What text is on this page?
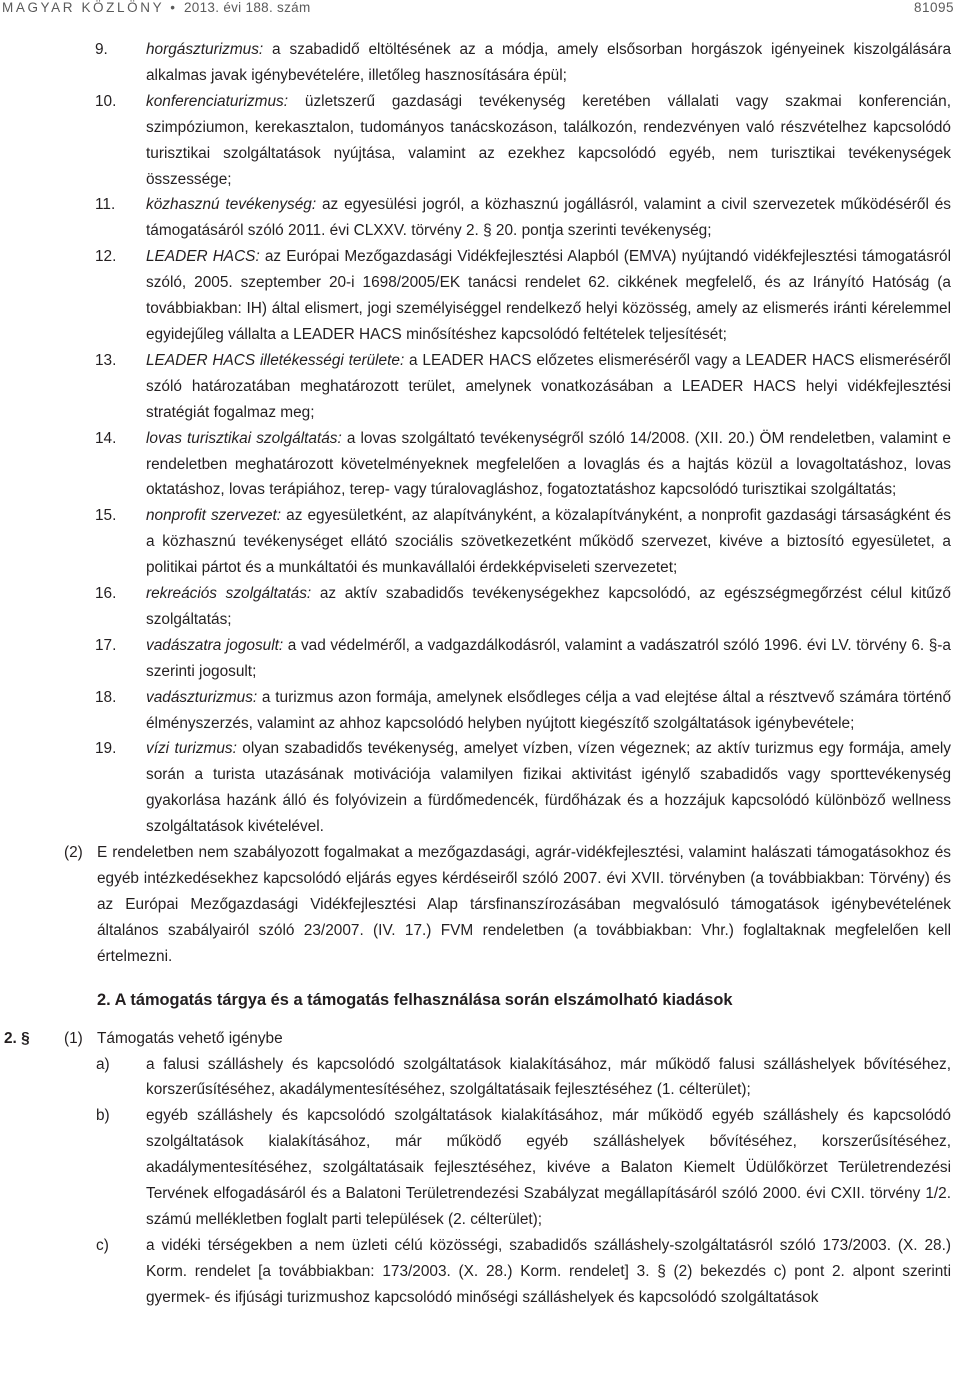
MAGYAR KÖZLÖNY • 2013. évi 188. szám	81095
9. horgászturizmus: a szabadidő eltöltésének az a módja, amely elsősorban horgászok igényeinek kiszolgálására alkalmas javak igénybevételére, illetőleg hasznosítására épül;
10. konferenciaturizmus: üzletszerű gazdasági tevékenység keretében vállalati vagy szakmai konferencián, szimpóziumon, kerekasztalon, tudományos tanácskozáson, találkozón, rendezvényen való részvételhez kapcsolódó turisztikai szolgáltatások nyújtása, valamint az ezekhez kapcsolódó egyéb, nem turisztikai tevékenységek összessége;
11. közhasznú tevékenység: az egyesülési jogról, a közhasznú jogállásról, valamint a civil szervezetek működéséről és támogatásáról szóló 2011. évi CLXXV. törvény 2. § 20. pontja szerinti tevékenység;
12. LEADER HACS: az Európai Mezőgazdasági Vidékfejlesztési Alapból (EMVA) nyújtandó vidékfejlesztési támogatásról szóló, 2005. szeptember 20-i 1698/2005/EK tanácsi rendelet 62. cikkének megfelelő, és az Irányító Hatóság (a továbbiakban: IH) által elismert, jogi személyiséggel rendelkező helyi közösség, amely az elismerés iránti kérelemmel egyidejűleg vállalta a LEADER HACS minősítéshez kapcsolódó feltételek teljesítését;
13. LEADER HACS illetékességi területe: a LEADER HACS előzetes elismeréséről vagy a LEADER HACS elismeréséről szóló határozatában meghatározott terület, amelynek vonatkozásában a LEADER HACS helyi vidékfejlesztési stratégiát fogalmaz meg;
14. lovas turisztikai szolgáltatás: a lovas szolgáltató tevékenységről szóló 14/2008. (XII. 20.) ÖM rendeletben, valamint e rendeletben meghatározott követelményeknek megfelelően a lovaglás és a hajtás közül a lovagoltatáshoz, lovas oktatáshoz, lovas terápiához, terep- vagy túralovagláshoz, fogatoztatáshoz kapcsolódó turisztikai szolgáltatás;
15. nonprofit szervezet: az egyesületként, az alapítványként, a közalapítványként, a nonprofit gazdasági társaságként és a közhasznú tevékenységet ellátó szociális szövetkezetként működő szervezet, kivéve a biztosító egyesületet, a politikai pártot és a munkáltatói és munkavállalói érdekképviseleti szervezetet;
16. rekreációs szolgáltatás: az aktív szabadidős tevékenységekhez kapcsolódó, az egészségmegőrzést célul kitűző szolgáltatás;
17. vadászatra jogosult: a vad védelméről, a vadgazdálkodásról, valamint a vadászatról szóló 1996. évi LV. törvény 6. §-a szerinti jogosult;
18. vadászturizmus: a turizmus azon formája, amelynek elsődleges célja a vad elejtése által a résztvevő számára történő élményszerzés, valamint az ahhoz kapcsolódó helyben nyújtott kiegészítő szolgáltatások igénybevétele;
19. vízi turizmus: olyan szabadidős tevékenység, amelyet vízben, vízen végeznek; az aktív turizmus egy formája, amely során a turista utazásának motivációja valamilyen fizikai aktivitást igénylő szabadidős vagy sporttevékenység gyakorlása hazánk álló és folyóvizein a fürdőmedencék, fürdőházak és a hozzájuk kapcsolódó különböző wellness szolgáltatások kivételével.
(2) E rendeletben nem szabályozott fogalmakat a mezőgazdasági, agrár-vidékfejlesztési, valamint halászati támogatásokhoz és egyéb intézkedésekhez kapcsolódó eljárás egyes kérdéseiről szóló 2007. évi XVII. törvényben (a továbbiakban: Törvény) és az Európai Mezőgazdasági Vidékfejlesztési Alap társfinanszírozásában megvalósuló támogatások igénybevételének általános szabályairól szóló 23/2007. (IV. 17.) FVM rendeletben (a továbbiakban: Vhr.) foglaltaknak megfelelően kell értelmezni.
2. A támogatás tárgya és a támogatás felhasználása során elszámolható kiadások
2. § (1) Támogatás vehető igénybe
a) a falusi szálláshely és kapcsolódó szolgáltatások kialakításához, már működő falusi szálláshelyek bővítéséhez, korszerűsítéséhez, akadálymentesítéséhez, szolgáltatásaik fejlesztéséhez (1. célterület);
b) egyéb szálláshely és kapcsolódó szolgáltatások kialakításához, már működő egyéb szálláshely és kapcsolódó szolgáltatások kialakításához, már működő egyéb szálláshelyek bővítéséhez, korszerűsítéséhez, akadálymentesítéséhez, szolgáltatásaik fejlesztéséhez, kivéve a Balaton Kiemelt Üdülőkörzet Területrendezési Tervének elfogadásáról és a Balatoni Területrendezési Szabályzat megállapításáról szóló 2000. évi CXII. törvény 1/2. számú mellékletben foglalt parti települések (2. célterület);
c) a vidéki térségekben a nem üzleti célú közösségi, szabadidős szálláshely-szolgáltatásról szóló 173/2003. (X. 28.) Korm. rendelet [a továbbiakban: 173/2003. (X. 28.) Korm. rendelet] 3. § (2) bekezdés c) pont 2. alpont szerinti gyermek- és ifjúsági turizmushoz kapcsolódó minőségi szálláshelyek és kapcsolódó szolgáltatások
